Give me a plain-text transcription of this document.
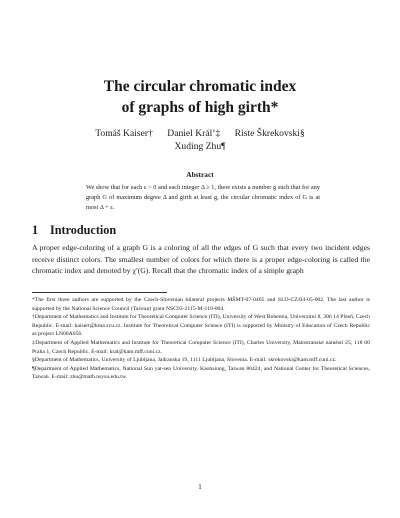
The circular chromatic index
of graphs of high girth*
Tomáš Kaiser†      Daniel Král’‡      Riste Škrekovski§
Xuding Zhu¶
Abstract
We show that for each ε > 0 and each integer Δ ≥ 1, there exists a number g such that for any graph G of maximum degree Δ and girth at least g, the circular chromatic index of G is at most Δ + ε.
1 Introduction
A proper edge-coloring of a graph G is a coloring of all the edges of G such that every two incident edges receive distinct colors. The smallest number of colors for which there is a proper edge-coloring is called the chromatic index and denoted by χ′(G). Recall that the chromatic index of a simple graph
*The first three authors are supported by the Czech-Slovenian bilateral projects MŠMT-07-0405 and SLO-CZ/04-05-002. The last author is supported by the National Science Council (Taiwan) grant NSC93-2115-M-110-004.
†Department of Mathematics and Institute for Theoretical Computer Science (ITI), University of West Bohemia, Univerzitní 8, 306 14 Plzeň, Czech Republic. E-mail: kaisert@kma.zcu.cz. Institute for Theoretical Computer Science (ITI) is supported by Ministry of Education of Czech Republic as project LN00A056.
‡Department of Applied Mathematics and Institute for Theoretical Computer Science (ITI), Charles University, Malostranské náměstí 25, 118 00 Praha 1, Czech Republic. E-mail: kral@kam.mff.cuni.cz.
§Department of Mathematics, University of Ljubljana, Jadranska 19, 1111 Ljubljana, Slovenia. E-mail: skrekovski@kam.mff.cuni.cz.
¶Department of Applied Mathematics, National Sun yat-sen University, Kaohsiung, Taiwan 80424, and National Center for Theoretical Sciences, Taiwan. E-mail: zhu@math.nsysu.edu.tw.
1
